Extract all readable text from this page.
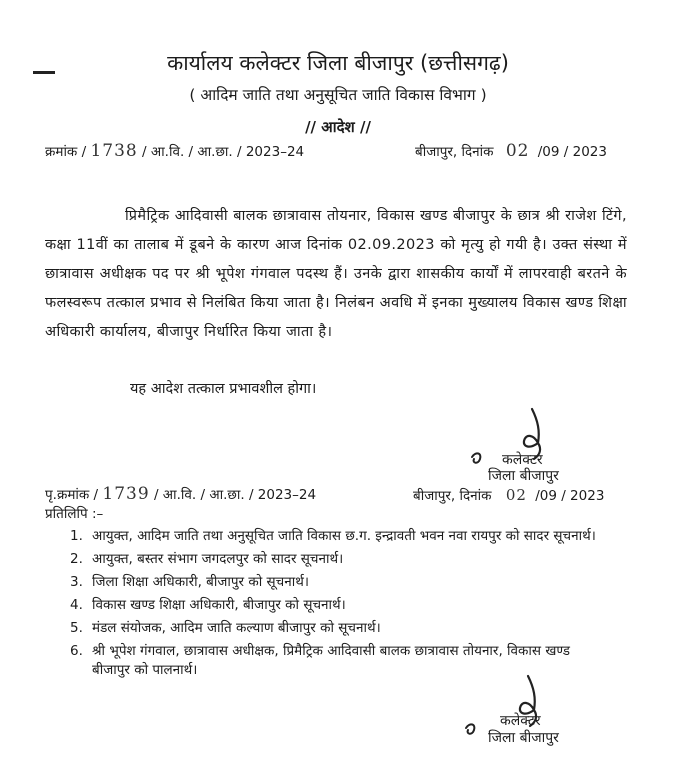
कार्यालय कलेक्टर जिला बीजापुर (छत्तीसगढ़)
( आदिम जाति तथा अनुसूचित जाति विकास विभाग )
// आदेश //
क्रमांक / 1738 / आ.वि. / आ.छा. / 2023–24	बीजापुर, दिनांक 02 /09 / 2023

प्रिमैट्रिक आदिवासी बालक छात्रावास तोयनार, विकास खण्ड बीजापुर के छात्र श्री राजेश टिंगे, कक्षा 11वीं का तालाब में डूबने के कारण आज दिनांक 02.09.2023 को मृत्यु हो गयी है। उक्त संस्था में छात्रावास अधीक्षक पद पर श्री भूपेश गंगवाल पदस्थ हैं। उनके द्वारा शासकीय कार्यों में लापरवाही बरतने के फलस्वरूप तत्काल प्रभाव से निलंबित किया जाता है। निलंबन अवधि में इनका मुख्यालय विकास खण्ड शिक्षा अधिकारी कार्यालय, बीजापुर निर्धारित किया जाता है।

यह आदेश तत्काल प्रभावशील होगा।
कलेक्टर
जिला बीजापुर
पृ.क्रमांक / 1739 / आ.वि. / आ.छा. / 2023–24	बीजापुर, दिनांक 02 /09 / 2023
प्रतिलिपि :–
1. आयुक्त, आदिम जाति तथा अनुसूचित जाति विकास छ.ग. इन्द्रावती भवन नवा रायपुर को सादर सूचनार्थ।
2. आयुक्त, बस्तर संभाग जगदलपुर को सादर सूचनार्थ।
3. जिला शिक्षा अधिकारी, बीजापुर को सूचनार्थ।
4. विकास खण्ड शिक्षा अधिकारी, बीजापुर को सूचनार्थ।
5. मंडल संयोजक, आदिम जाति कल्याण बीजापुर को सूचनार्थ।
6. श्री भूपेश गंगवाल, छात्रावास अधीक्षक, प्रिमैट्रिक आदिवासी बालक छात्रावास तोयनार, विकास खण्ड बीजापुर को पालनार्थ।
कलेक्टर
जिला बीजापुर
